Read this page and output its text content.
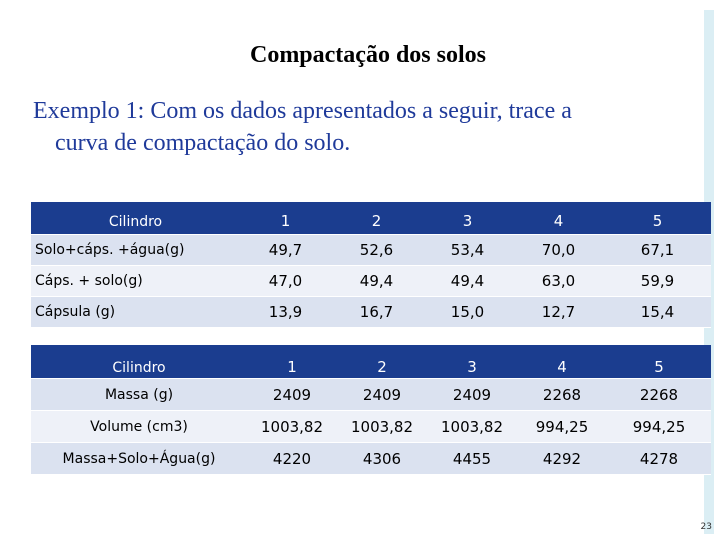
Compactação dos solos
Exemplo 1: Com os dados apresentados a seguir, trace a
curva de compactação do solo.
Cilindro	1	2	3	4	5
Solo+cáps. +água(g)	49,7	52,6	53,4	70,0	67,1
Cáps. + solo(g)	47,0	49,4	49,4	63,0	59,9
Cápsula (g)	13,9	16,7	15,0	12,7	15,4
Cilindro	1	2	3	4	5
Massa (g)	2409	2409	2409	2268	2268
Volume (cm3)	1003,82	1003,82	1003,82	994,25	994,25
Massa+Solo+Água(g)	4220	4306	4455	4292	4278
23
